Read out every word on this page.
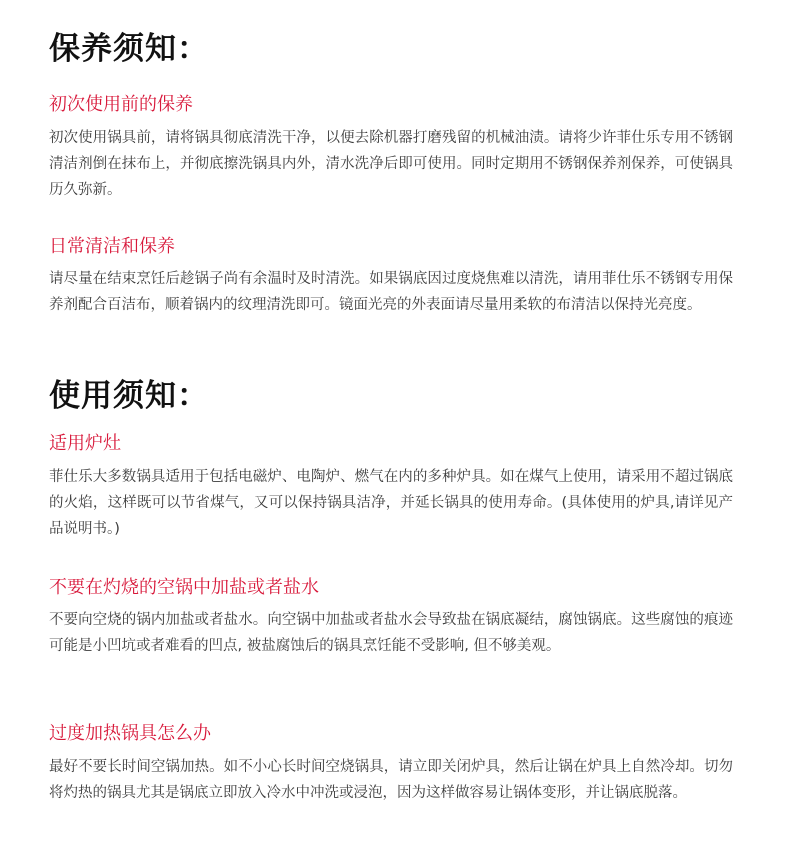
保养须知：
初次使用前的保养

初次使用锅具前，请将锅具彻底清洗干净，以便去除机器打磨残留的机械油渍。请将少许菲仕乐专用不锈钢清洁剂倒在抹布上，并彻底擦洗锅具内外，清水洗净后即可使用。同时定期用不锈钢保养剂保养，可使锅具历久弥新。

日常清洁和保养

请尽量在结束烹饪后趁锅子尚有余温时及时清洗。如果锅底因过度烧焦难以清洗，请用菲仕乐不锈钢专用保养剂配合百洁布，顺着锅内的纹理清洗即可。镜面光亮的外表面请尽量用柔软的布清洁以保持光亮度。

使用须知：
适用炉灶

菲仕乐大多数锅具适用于包括电磁炉、电陶炉、燃气在内的多种炉具。如在煤气上使用，请采用不超过锅底的火焰，这样既可以节省煤气，又可以保持锅具洁净，并延长锅具的使用寿命。(具体使用的炉具,请详见产品说明书。)

不要在灼烧的空锅中加盐或者盐水

不要向空烧的锅内加盐或者盐水。向空锅中加盐或者盐水会导致盐在锅底凝结，腐蚀锅底。这些腐蚀的痕迹可能是小凹坑或者难看的凹点, 被盐腐蚀后的锅具烹饪能不受影响, 但不够美观。

过度加热锅具怎么办

最好不要长时间空锅加热。如不小心长时间空烧锅具，请立即关闭炉具，然后让锅在炉具上自然冷却。切勿将灼热的锅具尤其是锅底立即放入冷水中冲洗或浸泡，因为这样做容易让锅体变形，并让锅底脱落。
